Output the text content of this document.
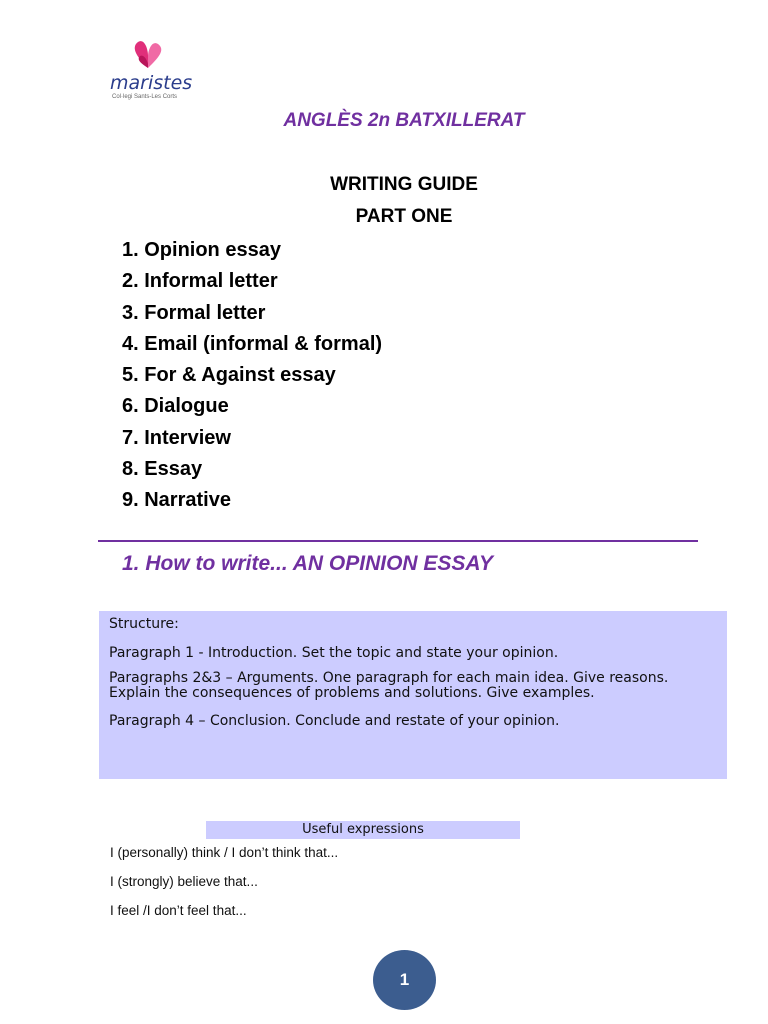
maristes
Col·legi Sants-Les Corts
ANGLÈS 2n BATXILLERAT
WRITING GUIDE
PART ONE
1. Opinion essay
2. Informal letter
3. Formal letter
4. Email (informal & formal)
5. For & Against essay
6. Dialogue
7. Interview
8. Essay
9. Narrative
1. How to write... AN OPINION ESSAY

Structure:

Paragraph 1 - Introduction. Set the topic and state your opinion.

Paragraphs 2&3 – Arguments. One paragraph for each main idea. Give reasons.

Explain the consequences of problems and solutions. Give examples.

Paragraph 4 – Conclusion. Conclude and restate of your opinion.

Useful expressions
I (personally) think / I don’t think that...
I (strongly) believe that...
I feel /I don’t feel that...
1
